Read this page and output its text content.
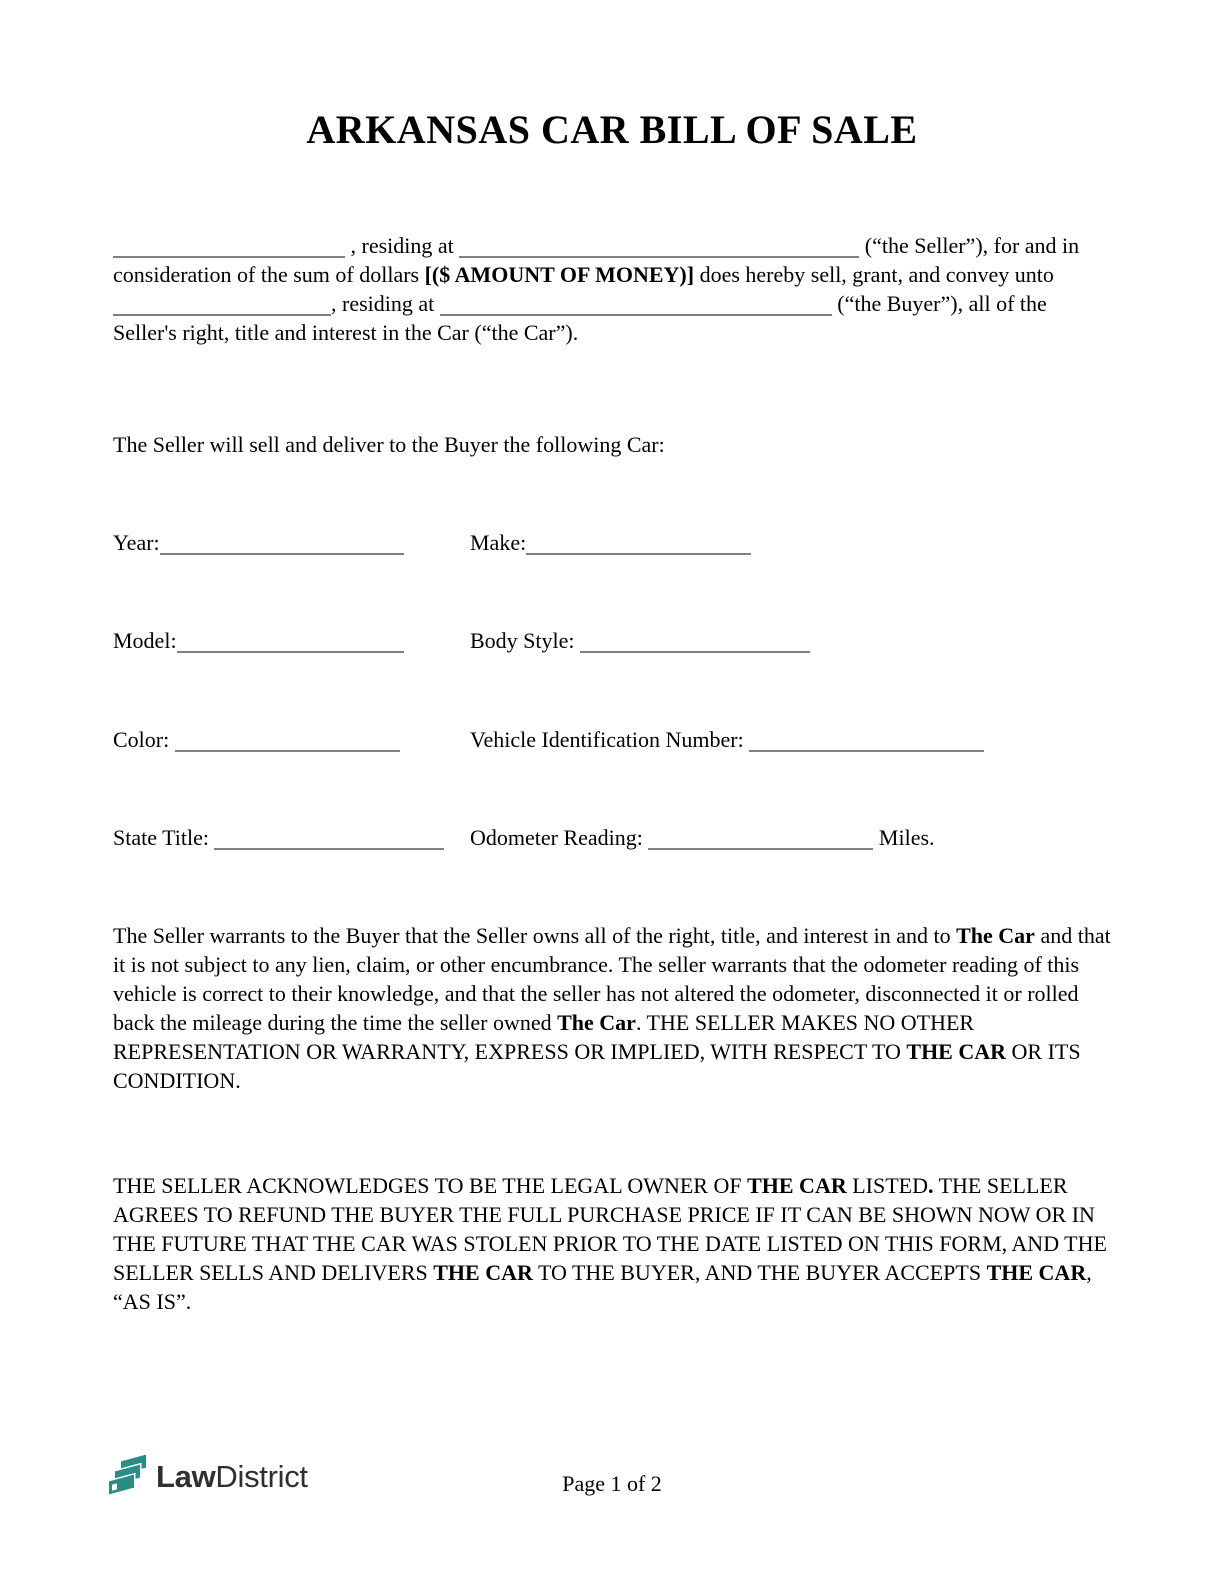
ARKANSAS CAR BILL OF SALE

, residing at	(“the Seller”), for and in consideration of the sum of dollars [($ AMOUNT OF MONEY)] does hereby sell, grant, and convey unto , residing at	(“the Buyer”), all of the Seller's right, title and interest in the Car (“the Car”).

The Seller will sell and deliver to the Buyer the following Car:
Year:	Make:
Model:	Body Style:
Color:	Vehicle Identification Number:
State Title:	Odometer Reading:	Miles.

The Seller warrants to the Buyer that the Seller owns all of the right, title, and interest in and to The Car and that it is not subject to any lien, claim, or other encumbrance. The seller warrants that the odometer reading of this vehicle is correct to their knowledge, and that the seller has not altered the odometer, disconnected it or rolled back the mileage during the time the seller owned The Car. THE SELLER MAKES NO OTHER REPRESENTATION OR WARRANTY, EXPRESS OR IMPLIED, WITH RESPECT TO THE CAR OR ITS CONDITION.

THE SELLER ACKNOWLEDGES TO BE THE LEGAL OWNER OF THE CAR LISTED. THE SELLER AGREES TO REFUND THE BUYER THE FULL PURCHASE PRICE IF IT CAN BE SHOWN NOW OR IN THE FUTURE THAT THE CAR WAS STOLEN PRIOR TO THE DATE LISTED ON THIS FORM, AND THE SELLER SELLS AND DELIVERS THE CAR TO THE BUYER, AND THE BUYER ACCEPTS THE CAR, “AS IS”.

LawDistrict	Page 1 of 2
